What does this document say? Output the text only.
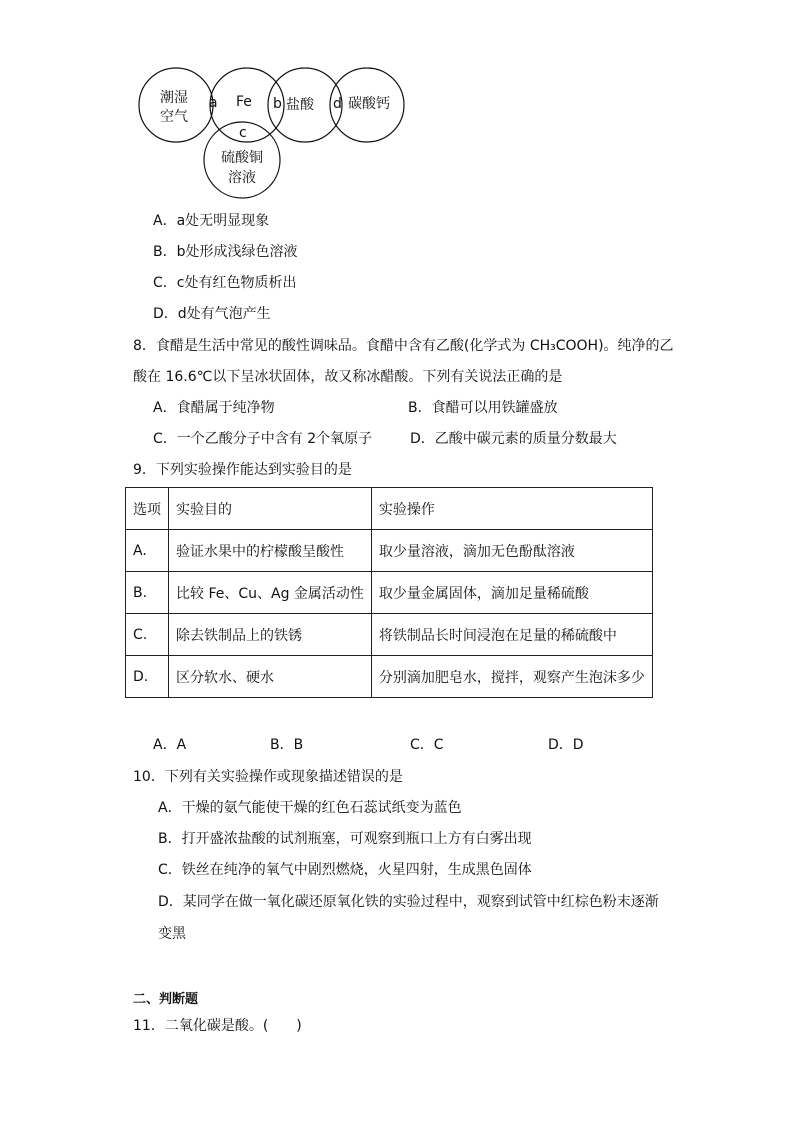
潮湿
空气
a Fe b 盐酸 d 碳酸钙
c
硫酸铜
溶液
A．a处无明显现象
B．b处形成浅绿色溶液
C．c处有红色物质析出
D．d处有气泡产生
8．食醋是生活中常见的酸性调味品。食醋中含有乙酸(化学式为 CH₃COOH)。纯净的乙
酸在 16.6℃以下呈冰状固体，故又称冰醋酸。下列有关说法正确的是
A．食醋属于纯净物	B．食醋可以用铁罐盛放
C．一个乙酸分子中含有 2个氧原子	D．乙酸中碳元素的质量分数最大
9．下列实验操作能达到实验目的是
选项	实验目的	实验操作
A.	验证水果中的柠檬酸呈酸性	取少量溶液，滴加无色酚酞溶液
B.	比较 Fe、Cu、Ag 金属活动性	取少量金属固体，滴加足量稀硫酸
C.	除去铁制品上的铁锈	将铁制品长时间浸泡在足量的稀硫酸中
D.	区分软水、硬水	分别滴加肥皂水，搅拌，观察产生泡沫多少
A．A	B．B	C．C	D．D
10．下列有关实验操作或现象描述错误的是
A．干燥的氨气能使干燥的红色石蕊试纸变为蓝色
B．打开盛浓盐酸的试剂瓶塞，可观察到瓶口上方有白雾出现
C．铁丝在纯净的氧气中剧烈燃烧，火星四射，生成黑色固体
D．某同学在做一氧化碳还原氧化铁的实验过程中，观察到试管中红棕色粉末逐渐
变黑
二、判断题
11．二氧化碳是酸。(　　)
